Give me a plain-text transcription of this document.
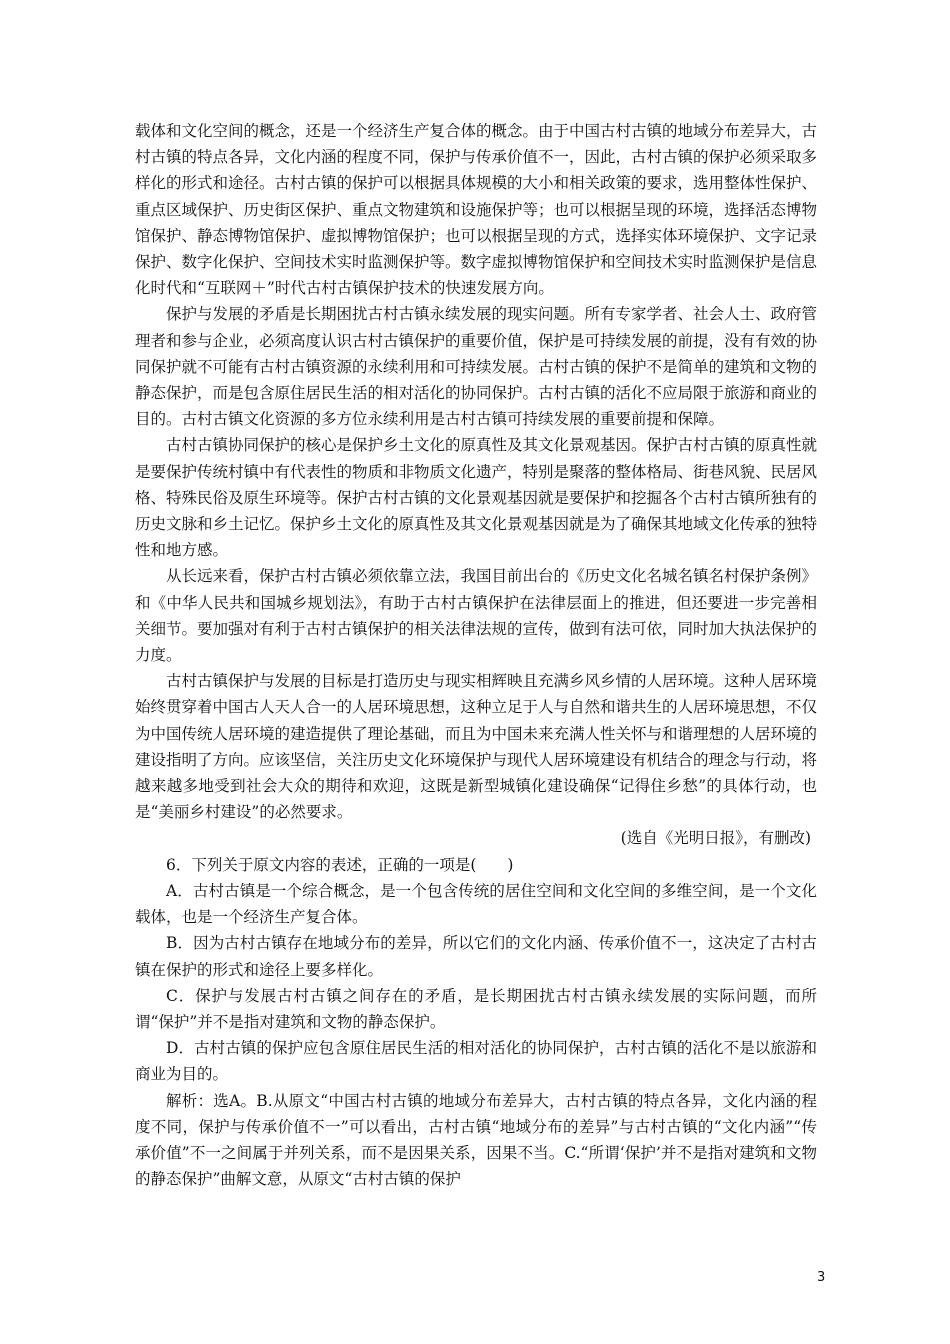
载体和文化空间的概念，还是一个经济生产复合体的概念。由于中国古村古镇的地域分布差异大，古村古镇的特点各异，文化内涵的程度不同，保护与传承价值不一，因此，古村古镇的保护必须采取多样化的形式和途径。古村古镇的保护可以根据具体规模的大小和相关政策的要求，选用整体性保护、重点区域保护、历史街区保护、重点文物建筑和设施保护等；也可以根据呈现的环境，选择活态博物馆保护、静态博物馆保护、虚拟博物馆保护；也可以根据呈现的方式，选择实体环境保护、文字记录保护、数字化保护、空间技术实时监测保护等。数字虚拟博物馆保护和空间技术实时监测保护是信息化时代和“互联网＋”时代古村古镇保护技术的快速发展方向。

保护与发展的矛盾是长期困扰古村古镇永续发展的现实问题。所有专家学者、社会人士、政府管理者和参与企业，必须高度认识古村古镇保护的重要价值，保护是可持续发展的前提，没有有效的协同保护就不可能有古村古镇资源的永续利用和可持续发展。古村古镇的保护不是简单的建筑和文物的静态保护，而是包含原住居民生活的相对活化的协同保护。古村古镇的活化不应局限于旅游和商业的目的。古村古镇文化资源的多方位永续利用是古村古镇可持续发展的重要前提和保障。

古村古镇协同保护的核心是保护乡土文化的原真性及其文化景观基因。保护古村古镇的原真性就是要保护传统村镇中有代表性的物质和非物质文化遗产，特别是聚落的整体格局、街巷风貌、民居风格、特殊民俗及原生环境等。保护古村古镇的文化景观基因就是要保护和挖掘各个古村古镇所独有的历史文脉和乡土记忆。保护乡土文化的原真性及其文化景观基因就是为了确保其地域文化传承的独特性和地方感。

从长远来看，保护古村古镇必须依靠立法，我国目前出台的《历史文化名城名镇名村保护条例》和《中华人民共和国城乡规划法》，有助于古村古镇保护在法律层面上的推进，但还要进一步完善相关细节。要加强对有利于古村古镇保护的相关法律法规的宣传，做到有法可依，同时加大执法保护的力度。

古村古镇保护与发展的目标是打造历史与现实相辉映且充满乡风乡情的人居环境。这种人居环境始终贯穿着中国古人天人合一的人居环境思想，这种立足于人与自然和谐共生的人居环境思想，不仅为中国传统人居环境的建造提供了理论基础，而且为中国未来充满人性关怀与和谐理想的人居环境的建设指明了方向。应该坚信，关注历史文化环境保护与现代人居环境建设有机结合的理念与行动，将越来越多地受到社会大众的期待和欢迎，这既是新型城镇化建设确保“记得住乡愁”的具体行动，也是“美丽乡村建设”的必然要求。

(选自《光明日报》，有删改)

6．下列关于原文内容的表述，正确的一项是(　　)

A．古村古镇是一个综合概念，是一个包含传统的居住空间和文化空间的多维空间，是一个文化载体，也是一个经济生产复合体。

B．因为古村古镇存在地域分布的差异，所以它们的文化内涵、传承价值不一，这决定了古村古镇在保护的形式和途径上要多样化。

C．保护与发展古村古镇之间存在的矛盾，是长期困扰古村古镇永续发展的实际问题，而所谓“保护”并不是指对建筑和文物的静态保护。

D．古村古镇的保护应包含原住居民生活的相对活化的协同保护，古村古镇的活化不是以旅游和商业为目的。

解析：选A。B.从原文“中国古村古镇的地域分布差异大，古村古镇的特点各异，文化内涵的程度不同，保护与传承价值不一”可以看出，古村古镇“地域分布的差异”与古村古镇的“文化内涵”“传承价值”不一之间属于并列关系，而不是因果关系，因果不当。C.“所谓‘保护’并不是指对建筑和文物的静态保护”曲解文意，从原文“古村古镇的保护

3
